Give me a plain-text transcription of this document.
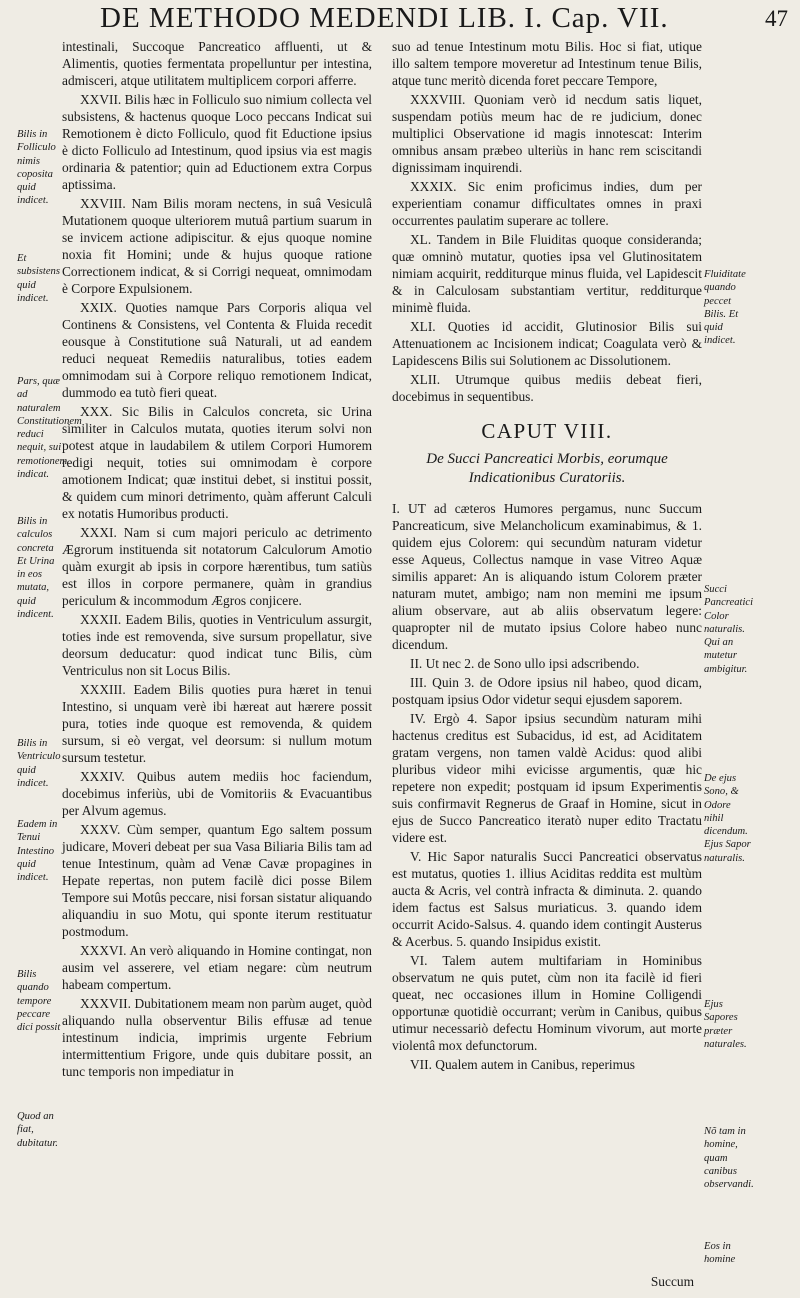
DE METHODO MEDENDI LIB. I. Cap. VII.	47
Bilis in Folliculo nimis coposita quid indicet.
Et subsistens quid indicet.
Pars, quæ ad naturalem Constitutionem reduci nequit, sui remotionem indicat.
Bilis in calculos concreta Et Urina in eos mutata, quid indicent.
Bilis in Ventriculo quid indicet.
Eadem in Tenui Intestino quid indicet.
Bilis quando tempore peccare dici possit
Quod an fiat, dubitatur.
Fluiditate quando peccet Bilis. Et quid indicet.
Succi Pancreatici Color naturalis. Qui an mutetur ambigitur.
De ejus Sono, & Odore nihil dicendum. Ejus Sapor naturalis.
Ejus Sapores præter naturales.
Nõ tam in homine, quam canibus observandi.
Eos in homine

intestinali, Succoque Pancreatico affluenti, ut & Alimentis, quoties fermentata propelluntur per intestina, admisceri, atque utilitatem multiplicem corpori afferre.

XXVII. Bilis hæc in Folliculo suo nimium collecta vel subsistens, & hactenus quoque Loco peccans Indicat sui Remotionem è dicto Folliculo, quod fit Eductione ipsius è dicto Folliculo ad Intestinum, quod ipsius via est magis ordinaria & patentior; quin ad Eductionem extra Corpus aptissima.

XXVIII. Nam Bilis moram nectens, in suâ Vesiculâ Mutationem quoque ulteriorem mutuâ partium suarum in se invicem actione adipiscitur. & ejus quoque nomine noxia fit Homini; unde & hujus quoque ratione Correctionem indicat, & si Corrigi nequeat, omnimodam è Corpore Expulsionem.

XXIX. Quoties namque Pars Corporis aliqua vel Continens & Consistens, vel Contenta & Fluida recedit eousque à Constitutione suâ Naturali, ut ad eandem reduci nequeat Remediis naturalibus, toties eadem omnimodam sui à Corpore reliquo remotionem Indicat, dummodo ea tutò fieri queat.

XXX. Sic Bilis in Calculos concreta, sic Urina similiter in Calculos mutata, quoties iterum solvi non potest atque in laudabilem & utilem Corpori Humorem redigi nequit, toties sui omnimodam è corpore amotionem Indicat; quæ institui debet, si institui possit, & quidem cum minori detrimento, quàm afferunt Calculi ex notatis Humoribus producti.

XXXI. Nam si cum majori periculo ac detrimento Ægrorum instituenda sit notatorum Calculorum Amotio quàm exurgit ab ipsis in corpore hærentibus, tum satiùs est illos in corpore permanere, quàm in grandius periculum & incommodum Ægros conjicere.

XXXII. Eadem Bilis, quoties in Ventriculum assurgit, toties inde est removenda, sive sursum propellatur, sive deorsum deducatur: quod indicat tunc Bilis, cùm Ventriculus non sit Locus Bilis.

XXXIII. Eadem Bilis quoties pura hæret in tenui Intestino, si unquam verè ibi hæreat aut hærere possit pura, toties inde quoque est removenda, & quidem sursum, si eò vergat, vel deorsum: si nullum motum sursum testetur.

XXXIV. Quibus autem mediis hoc faciendum, docebimus inferiùs, ubi de Vomitoriis & Evacuantibus per Alvum agemus.

XXXV. Cùm semper, quantum Ego saltem possum judicare, Moveri debeat per sua Vasa Biliaria Bilis tam ad tenue Intestinum, quàm ad Venæ Cavæ propagines in Hepate repertas, non putem facilè dici posse Bilem Tempore sui Motûs peccare, nisi forsan sistatur aliquando aliquandiu in suo Motu, qui sponte iterum restituatur postmodum.

XXXVI. An verò aliquando in Homine contingat, non ausim vel asserere, vel etiam negare: cùm neutrum habeam compertum.

XXXVII. Dubitationem meam non parùm auget, quòd aliquando nulla observentur Bilis effusæ ad tenue intestinum indicia, imprimis urgente Febrium intermittentium Frigore, unde quis dubitare possit, an tunc temporis non impediatur in

suo ad tenue Intestinum motu Bilis. Hoc si fiat, utique illo saltem tempore moveretur ad Intestinum tenue Bilis, atque tunc meritò dicenda foret peccare Tempore,

XXXVIII. Quoniam verò id necdum satis liquet, suspendam potiùs meum hac de re judicium, donec multiplici Observatione id magis innotescat: Interim omnibus ansam præbeo ulteriùs in hanc rem sciscitandi dignissimam inquirendi.

XXXIX. Sic enim proficimus indies, dum per experientiam conamur difficultates omnes in praxi occurrentes paulatim superare ac tollere.

XL. Tandem in Bile Fluiditas quoque consideranda; quæ omninò mutatur, quoties ipsa vel Glutinositatem nimiam acquirit, redditurque minus fluida, vel Lapidescit & in Calculosam substantiam vertitur, redditurque minimè fluida.

XLI. Quoties id accidit, Glutinosior Bilis sui Attenuationem ac Incisionem indicat; Coagulata verò & Lapidescens Bilis sui Solutionem ac Dissolutionem.

XLII. Utrumque quibus mediis debeat fieri, docebimus in sequentibus.

CAPUT VIII.
De Succi Pancreatici Morbis, eorumque
Indicationibus Curatoriis.

I. UT ad cæteros Humores pergamus, nunc Succum Pancreaticum, sive Melancholicum examinabimus, & 1. quidem ejus Colorem: qui secundùm naturam videtur esse Aqueus, Collectus namque in vase Vitreo Aquæ similis apparet: An is aliquando istum Colorem præter naturam mutet, ambigo; nam non memini me ipsum alium observare, aut ab aliis observatum legere: quapropter nil de mutato ipsius Colore habeo nunc dicendum.

II. Ut nec 2. de Sono ullo ipsi adscribendo.

III. Quin 3. de Odore ipsius nil habeo, quod dicam, postquam ipsius Odor videtur sequi ejusdem saporem.

IV. Ergò 4. Sapor ipsius secundùm naturam mihi hactenus creditus est Subacidus, id est, ad Aciditatem gratam vergens, non tamen valdè Acidus: quod alibi pluribus videor mihi evicisse argumentis, quæ hic repetere non expedit; postquam id ipsum Experimentis suis confirmavit Regnerus de Graaf in Homine, sicut in ejus de Succo Pancreatico iteratò nuper edito Tractatu videre est.

V. Hic Sapor naturalis Succi Pancreatici observatus est mutatus, quoties 1. illius Aciditas reddita est multùm aucta & Acris, vel contrà infracta & diminuta. 2. quando idem factus est Salsus muriaticus. 3. quando idem occurrit Acido-Salsus. 4. quando idem contingit Austerus & Acerbus. 5. quando Insipidus existit.

VI. Talem autem multifariam in Hominibus observatum ne quis putet, cùm non ita facilè id fieri queat, nec occasiones illum in Homine Colligendi opportunæ quotidiè occurrant; verùm in Canibus, quibus utimur necessariò defectu Hominum vivorum, aut morte violentâ mox defunctorum.

VII. Qualem autem in Canibus, reperimus

Succum
